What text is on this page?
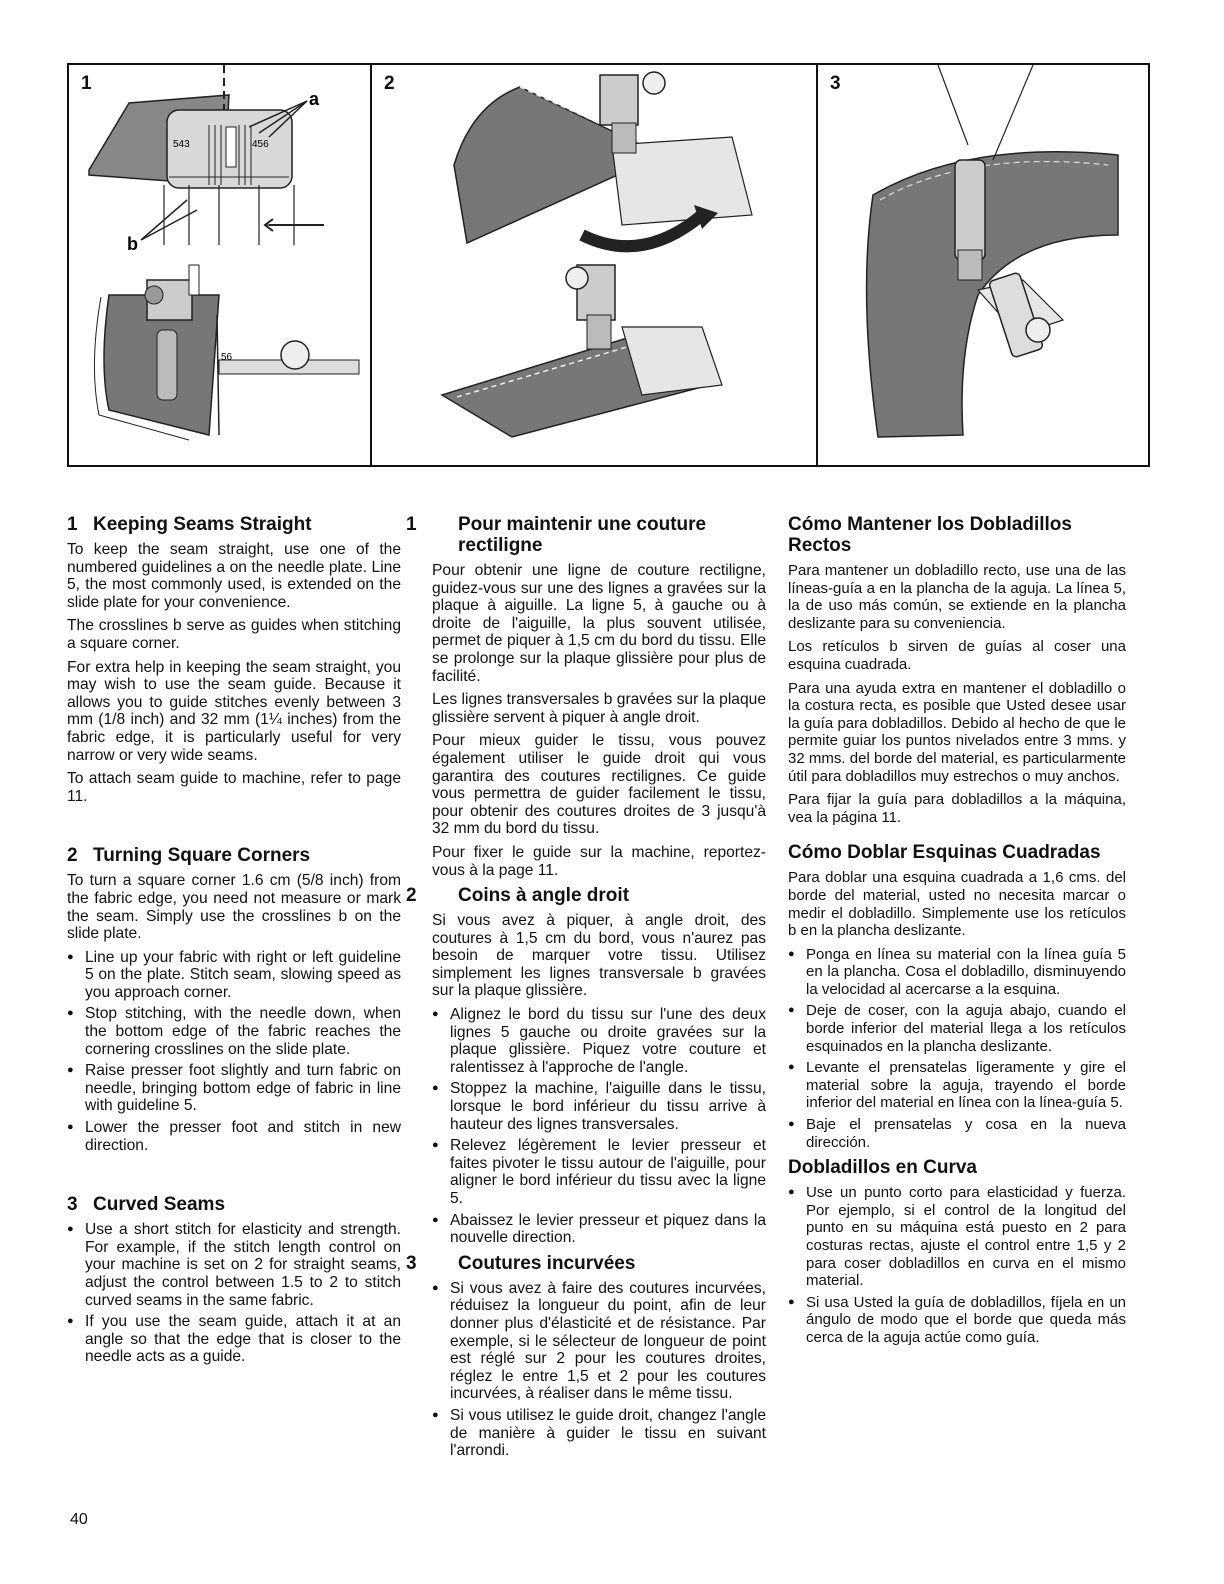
1
543	456
a
b
56
2	3
1 Keeping Seams Straight

To keep the seam straight, use one of the numbered guidelines a on the needle plate. Line 5, the most commonly used, is extended on the slide plate for your convenience.

The crosslines b serve as guides when stitching a square corner.

For extra help in keeping the seam straight, you may wish to use the seam guide. Because it allows you to guide stitches evenly between 3 mm (1/8 inch) and 32 mm (1¼ inches) from the fabric edge, it is particularly useful for very narrow or very wide seams.

To attach seam guide to machine, refer to page 11.

2 Turning Square Corners

To turn a square corner 1.6 cm (5/8 inch) from the fabric edge, you need not measure or mark the seam. Simply use the crosslines b on the slide plate.

● Line up your fabric with right or left guideline 5 on the plate. Stitch seam, slowing speed as you approach corner.
● Stop stitching, with the needle down, when the bottom edge of the fabric reaches the cornering crosslines on the slide plate.
● Raise presser foot slightly and turn fabric on needle, bringing bottom edge of fabric in line with guideline 5.
● Lower the presser foot and stitch in new direction.
3 Curved Seams
● Use a short stitch for elasticity and strength. For example, if the stitch length control on your machine is set on 2 for straight seams, adjust the control between 1.5 to 2 to stitch curved seams in the same fabric.
● If you use the seam guide, attach it at an angle so that the edge that is closer to the needle acts as a guide.
1 Pour maintenir une couture rectiligne

Pour obtenir une ligne de couture rectiligne, guidez-vous sur une des lignes a gravées sur la plaque à aiguille. La ligne 5, à gauche ou à droite de l'aiguille, la plus souvent utilisée, permet de piquer à 1,5 cm du bord du tissu. Elle se prolonge sur la plaque glissière pour plus de facilité.

Les lignes transversales b gravées sur la plaque glissière servent à piquer à angle droit.

Pour mieux guider le tissu, vous pouvez également utiliser le guide droit qui vous garantira des coutures rectilignes. Ce guide vous permettra de guider facilement le tissu, pour obtenir des coutures droites de 3 jusqu'à 32 mm du bord du tissu.

Pour fixer le guide sur la machine, reportez-vous à la page 11.

2 Coins à angle droit

Si vous avez à piquer, à angle droit, des coutures à 1,5 cm du bord, vous n'aurez pas besoin de marquer votre tissu. Utilisez simplement les lignes transversale b gravées sur la plaque glissière.

● Alignez le bord du tissu sur l'une des deux lignes 5 gauche ou droite gravées sur la plaque glissière. Piquez votre couture et ralentissez à l'approche de l'angle.
● Stoppez la machine, l'aiguille dans le tissu, lorsque le bord inférieur du tissu arrive à hauteur des lignes transversales.
● Relevez légèrement le levier presseur et faites pivoter le tissu autour de l'aiguille, pour aligner le bord inférieur du tissu avec la ligne 5.
● Abaissez le levier presseur et piquez dans la nouvelle direction.
3 Coutures incurvées
● Si vous avez à faire des coutures incurvées, réduisez la longueur du point, afin de leur donner plus d'élasticité et de résistance. Par exemple, si le sélecteur de longueur de point est réglé sur 2 pour les coutures droites, réglez le entre 1,5 et 2 pour les coutures incurvées, à réaliser dans le même tissu.
● Si vous utilisez le guide droit, changez l'angle de manière à guider le tissu en suivant l'arrondi.
Cómo Mantener los Dobladillos Rectos

Para mantener un dobladillo recto, use una de las líneas-guía a en la plancha de la aguja. La línea 5, la de uso más común, se extiende en la plancha deslizante para su conveniencia.

Los retículos b sirven de guías al coser una esquina cuadrada.

Para una ayuda extra en mantener el dobladillo o la costura recta, es posible que Usted desee usar la guía para dobladillos. Debido al hecho de que le permite guiar los puntos nivelados entre 3 mms. y 32 mms. del borde del material, es particularmente útil para dobladillos muy estrechos o muy anchos.

Para fijar la guía para dobladillos a la máquina, vea la página 11.

Cómo Doblar Esquinas Cuadradas

Para doblar una esquina cuadrada a 1,6 cms. del borde del material, usted no necesita marcar o medir el dobladillo. Simplemente use los retículos b en la plancha deslizante.

● Ponga en línea su material con la línea guía 5 en la plancha. Cosa el dobladillo, disminuyendo la velocidad al acercarse a la esquina.
● Deje de coser, con la aguja abajo, cuando el borde inferior del material llega a los retículos esquinados en la plancha deslizante.
● Levante el prensatelas ligeramente y gire el material sobre la aguja, trayendo el borde inferior del material en línea con la línea-guía 5.
● Baje el prensatelas y cosa en la nueva dirección.
Dobladillos en Curva
● Use un punto corto para elasticidad y fuerza. Por ejemplo, si el control de la longitud del punto en su máquina está puesto en 2 para costuras rectas, ajuste el control entre 1,5 y 2 para coser dobladillos en curva en el mismo material.
● Si usa Usted la guía de dobladillos, fíjela en un ángulo de modo que el borde que queda más cerca de la aguja actúe como guía.
40
